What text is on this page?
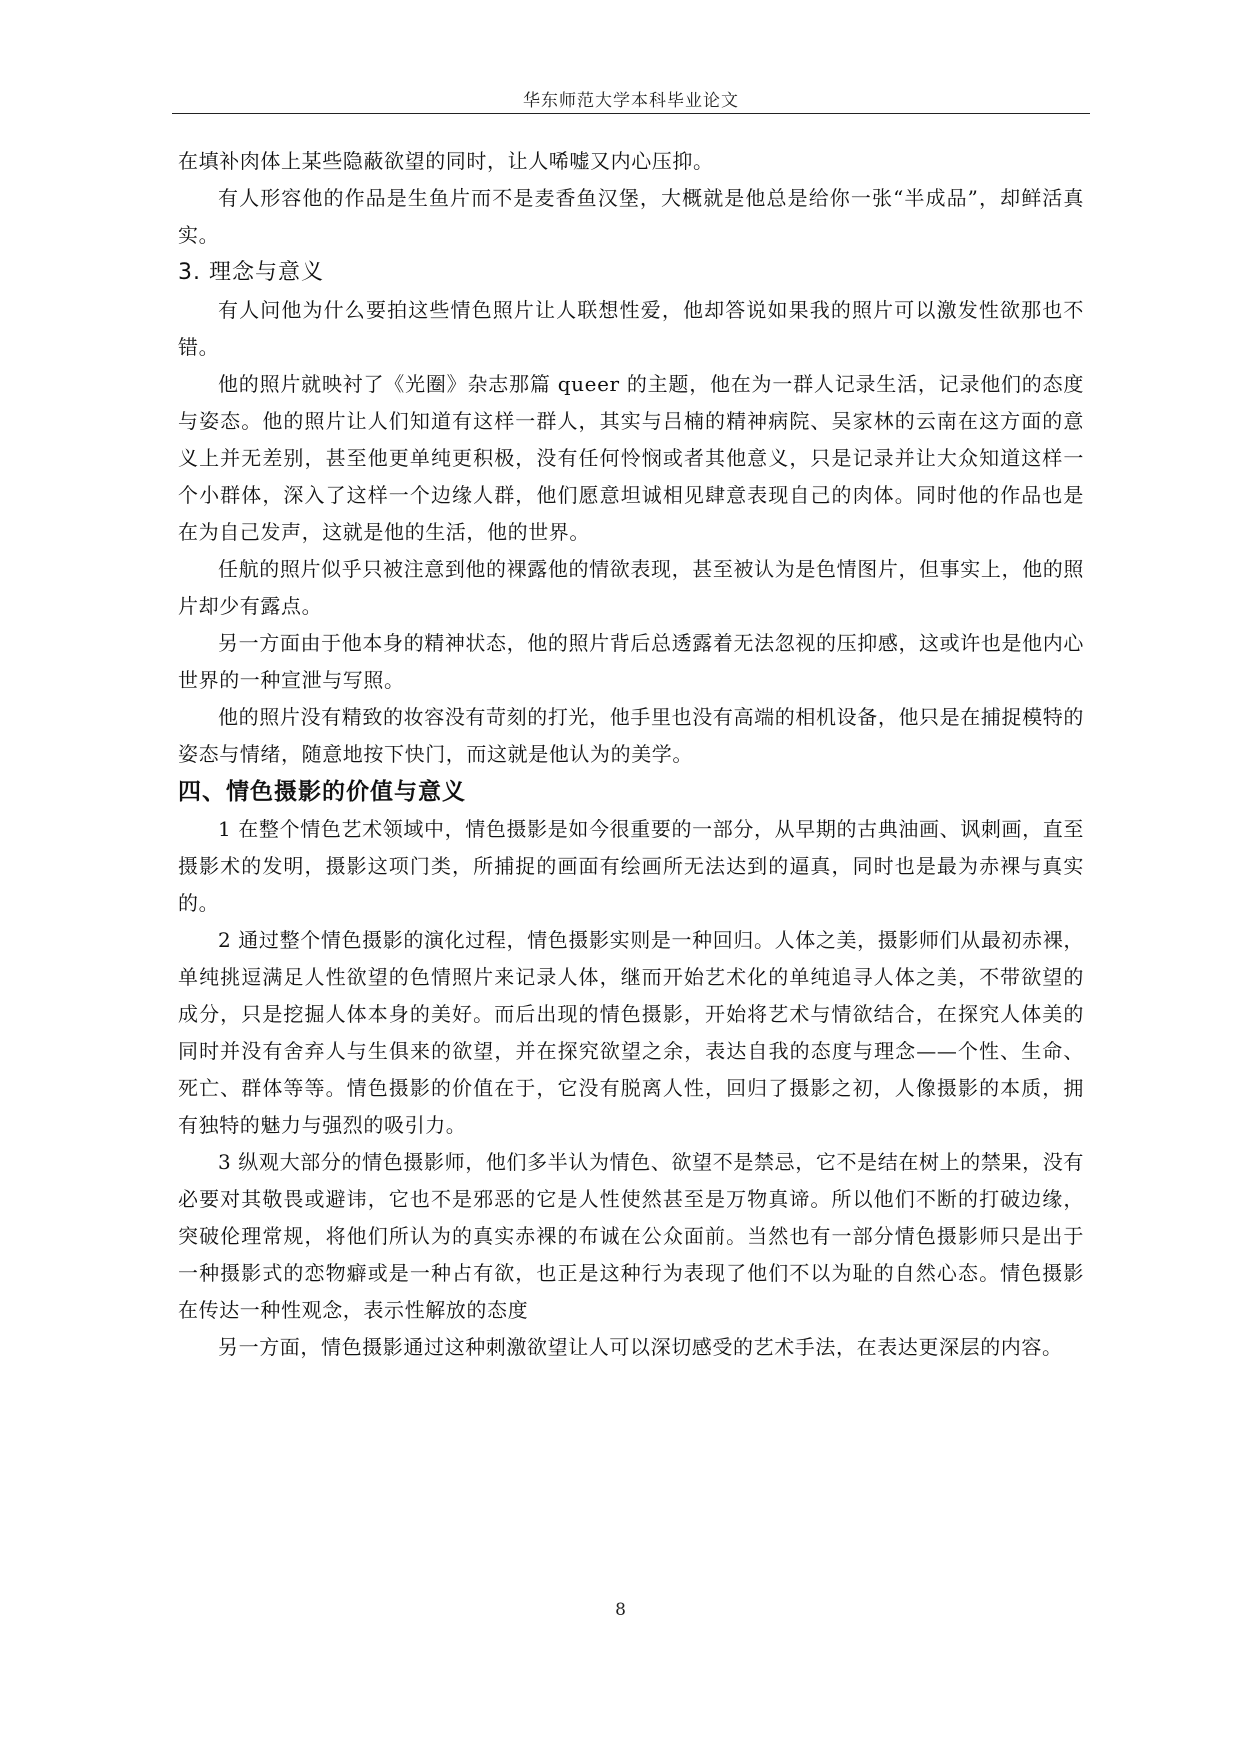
华东师范大学本科毕业论文

在填补肉体上某些隐蔽欲望的同时，让人唏嘘又内心压抑。

有人形容他的作品是生鱼片而不是麦香鱼汉堡，大概就是他总是给你一张“半成品”，却鲜活真实。

3. 理念与意义

有人问他为什么要拍这些情色照片让人联想性爱，他却答说如果我的照片可以激发性欲那也不错。

他的照片就映衬了《光圈》杂志那篇 queer 的主题，他在为一群人记录生活，记录他们的态度与姿态。他的照片让人们知道有这样一群人，其实与吕楠的精神病院、吴家林的云南在这方面的意义上并无差别，甚至他更单纯更积极，没有任何怜悯或者其他意义，只是记录并让大众知道这样一个小群体，深入了这样一个边缘人群，他们愿意坦诚相见肆意表现自己的肉体。同时他的作品也是在为自己发声，这就是他的生活，他的世界。

任航的照片似乎只被注意到他的裸露他的情欲表现，甚至被认为是色情图片，但事实上，他的照片却少有露点。

另一方面由于他本身的精神状态，他的照片背后总透露着无法忽视的压抑感，这或许也是他内心世界的一种宣泄与写照。

他的照片没有精致的妆容没有苛刻的打光，他手里也没有高端的相机设备，他只是在捕捉模特的姿态与情绪，随意地按下快门，而这就是他认为的美学。

四、情色摄影的价值与意义

1 在整个情色艺术领域中，情色摄影是如今很重要的一部分，从早期的古典油画、讽刺画，直至摄影术的发明，摄影这项门类，所捕捉的画面有绘画所无法达到的逼真，同时也是最为赤裸与真实的。

2 通过整个情色摄影的演化过程，情色摄影实则是一种回归。人体之美，摄影师们从最初赤裸，单纯挑逗满足人性欲望的色情照片来记录人体，继而开始艺术化的单纯追寻人体之美，不带欲望的成分，只是挖掘人体本身的美好。而后出现的情色摄影，开始将艺术与情欲结合，在探究人体美的同时并没有舍弃人与生俱来的欲望，并在探究欲望之余，表达自我的态度与理念——个性、生命、死亡、群体等等。情色摄影的价值在于，它没有脱离人性，回归了摄影之初，人像摄影的本质，拥有独特的魅力与强烈的吸引力。

3 纵观大部分的情色摄影师，他们多半认为情色、欲望不是禁忌，它不是结在树上的禁果，没有必要对其敬畏或避讳，它也不是邪恶的它是人性使然甚至是万物真谛。所以他们不断的打破边缘，突破伦理常规，将他们所认为的真实赤裸的布诚在公众面前。当然也有一部分情色摄影师只是出于一种摄影式的恋物癖或是一种占有欲，也正是这种行为表现了他们不以为耻的自然心态。情色摄影在传达一种性观念，表示性解放的态度

另一方面，情色摄影通过这种刺激欲望让人可以深切感受的艺术手法，在表达更深层的内容。

8
